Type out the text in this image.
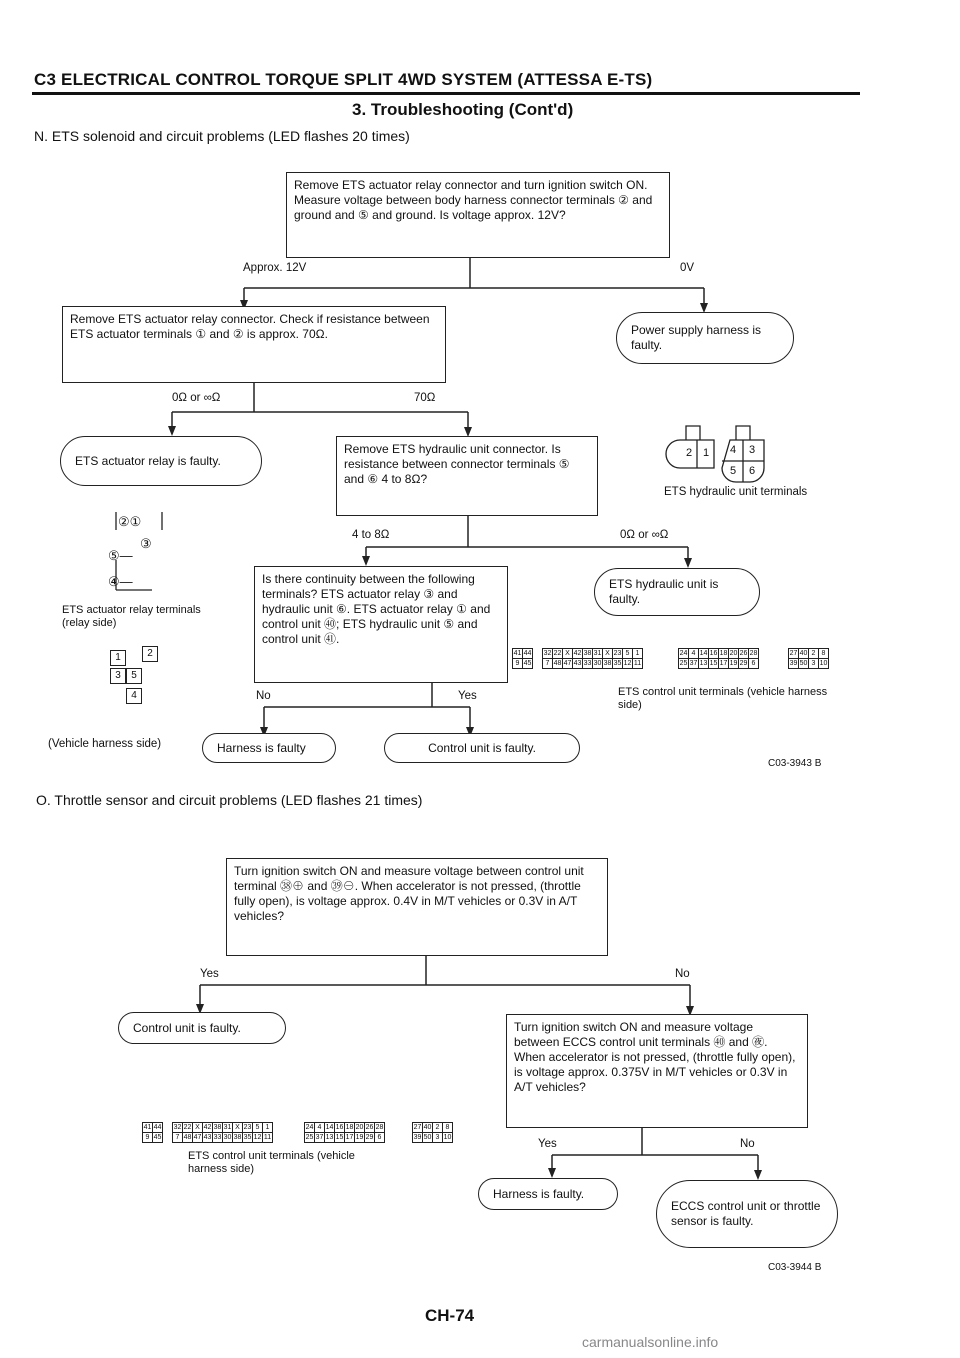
C3 ELECTRICAL CONTROL TORQUE SPLIT 4WD SYSTEM (ATTESSA E-TS)
3. Troubleshooting (Cont'd)
N. ETS solenoid and circuit problems (LED flashes 20 times)
Remove ETS actuator relay connector and turn ignition switch ON. Measure voltage between body harness connector terminals ② and ground and ⑤ and ground. Is voltage approx. 12V?
Approx. 12V	0V
Remove ETS actuator relay connector. Check if resistance between ETS actuator terminals ① and ② is approx. 70Ω.	Power supply harness is faulty.
0Ω or ∞Ω	70Ω
ETS actuator relay is faulty.
Remove ETS hydraulic unit connector. Is resistance between connector terminals ⑤ and ⑥ 4 to 8Ω?
2 1 4 3
5 6
ETS hydraulic unit terminals
②①
③
⑤—
④—
ETS actuator relay terminals (relay side)
4 to 8Ω	0Ω or ∞Ω
Is there continuity between the following terminals? ETS actuator relay ③ and hydraulic unit ⑥. ETS actuator relay ① and control unit ㊵; ETS hydraulic unit ⑤ and control unit ㊶.
ETS hydraulic unit is faulty.
41	44
9	45
32	22	X	42	38	31	X	23	5	1
7	48	47	43	33	30	38	35	12	11
24	4	14	16	18	20	26	28
25	37	13	15	17	19	29	6
27	40	2	8
39	50	3	10
ETS control unit terminals (vehicle harness side)
1	2
3	5
4	No	Yes
(Vehicle harness side)	Harness is faulty	Control unit is faulty.
C03-3943 B
O. Throttle sensor and circuit problems (LED flashes 21 times)
Turn ignition switch ON and measure voltage between control unit terminal ㊳⊕ and ㊴⊖. When accelerator is not pressed, (throttle fully open), is voltage approx. 0.4V in M/T vehicles or 0.3V in A/T vehicles?
Yes	No
Control unit is faulty.	Turn ignition switch ON and measure voltage between ECCS control unit terminals ㊵ and ㊰. When accelerator is not pressed, (throttle fully open), is voltage approx. 0.375V in M/T vehicles or 0.3V in A/T vehicles?
41	44
9	45
32	22	X	42	38	31	X	23	5	1
7	48	47	43	33	30	38	35	12	11
24	4	14	16	18	20	26	28
25	37	13	15	17	19	29	6
27	40	2	8
39	50	3	10
ETS control unit terminals (vehicle harness side)
Yes	No
Harness is faulty.
ECCS control unit or throttle sensor is faulty.
C03-3944 B
CH-74
carmanualsonline.info
